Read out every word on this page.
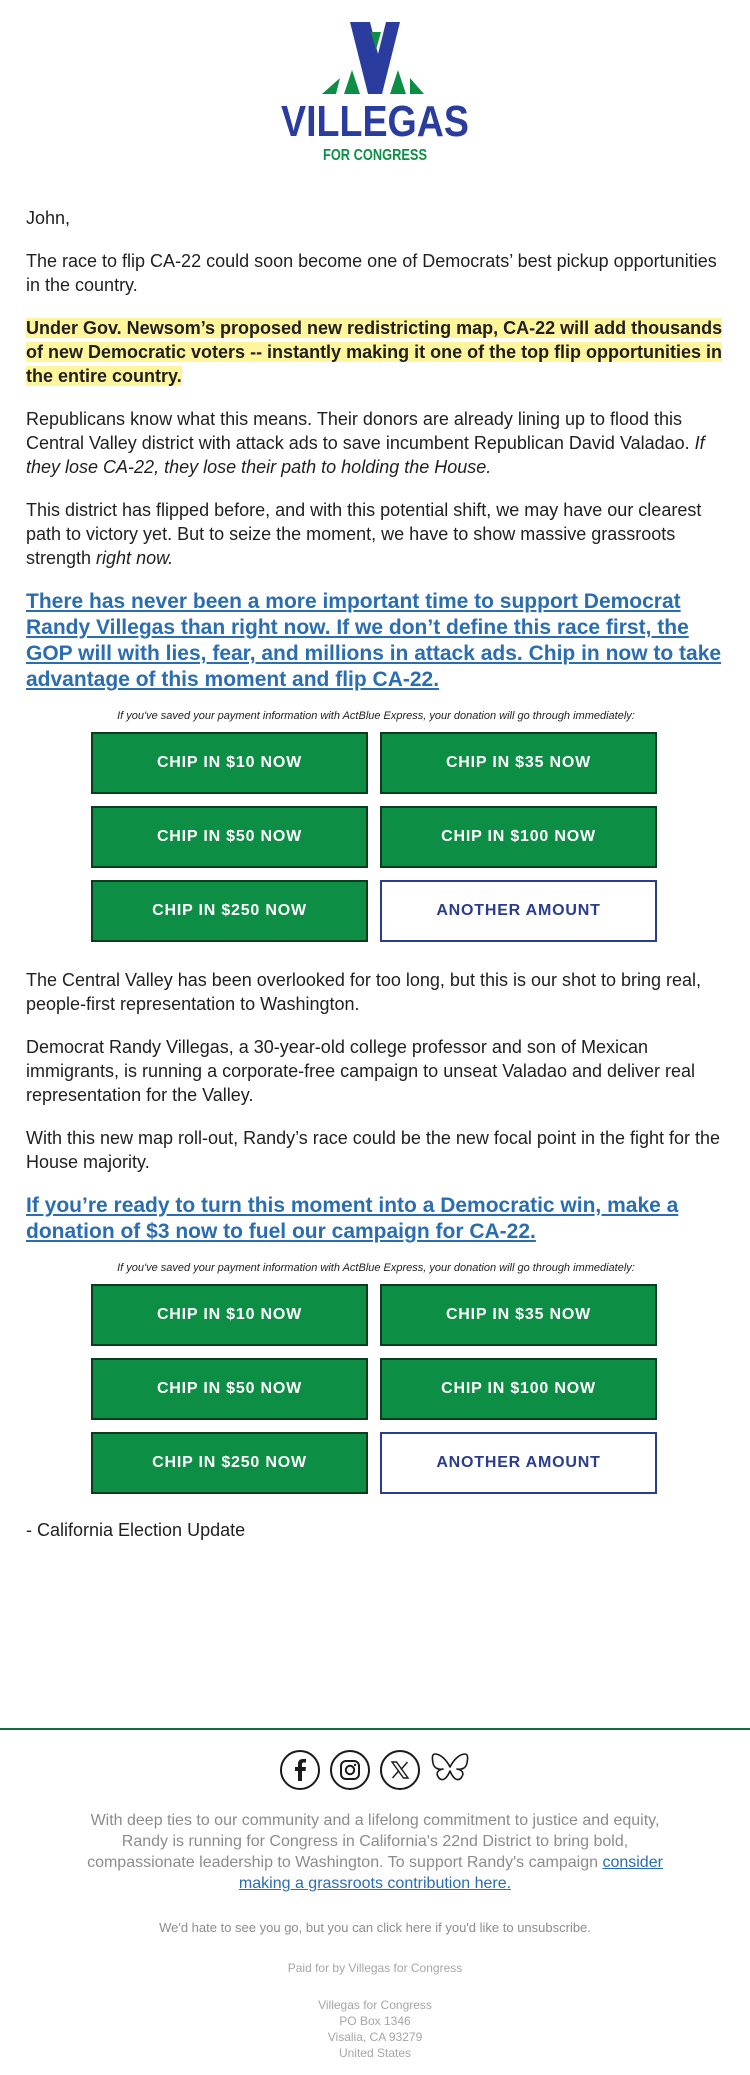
VILLEGAS
FOR CONGRESS

John,

The race to flip CA-22 could soon become one of Democrats’ best pickup opportunities in the country.

Under Gov. Newsom’s proposed new redistricting map, CA-22 will add thousands of new Democratic voters -- instantly making it one of the top flip opportunities in the entire country.

Republicans know what this means. Their donors are already lining up to flood this Central Valley district with attack ads to save incumbent Republican David Valadao. If they lose CA-22, they lose their path to holding the House.

This district has flipped before, and with this potential shift, we may have our clearest path to victory yet. But to seize the moment, we have to show massive grassroots strength right now.

There has never been a more important time to support Democrat Randy Villegas than right now. If we don’t define this race first, the GOP will with lies, fear, and millions in attack ads. Chip in now to take advantage of this moment and flip CA-22.

If you've saved your payment information with ActBlue Express, your donation will go through immediately:

CHIP IN $10 NOW	CHIP IN $35 NOW
CHIP IN $50 NOW	CHIP IN $100 NOW
CHIP IN $250 NOW	ANOTHER AMOUNT

The Central Valley has been overlooked for too long, but this is our shot to bring real, people-first representation to Washington.

Democrat Randy Villegas, a 30-year-old college professor and son of Mexican immigrants, is running a corporate-free campaign to unseat Valadao and deliver real representation for the Valley.

With this new map roll-out, Randy’s race could be the new focal point in the fight for the House majority.

If you’re ready to turn this moment into a Democratic win, make a donation of $3 now to fuel our campaign for CA-22.

If you've saved your payment information with ActBlue Express, your donation will go through immediately:

CHIP IN $10 NOW	CHIP IN $35 NOW
CHIP IN $50 NOW	CHIP IN $100 NOW
CHIP IN $250 NOW	ANOTHER AMOUNT

- California Election Update

With deep ties to our community and a lifelong commitment to justice and equity, Randy is running for Congress in California's 22nd District to bring bold, compassionate leadership to Washington. To support Randy's campaign consider making a grassroots contribution here.

We'd hate to see you go, but you can click here if you'd like to unsubscribe.

Paid for by Villegas for Congress

Villegas for Congress
PO Box 1346
Visalia, CA 93279
United States
